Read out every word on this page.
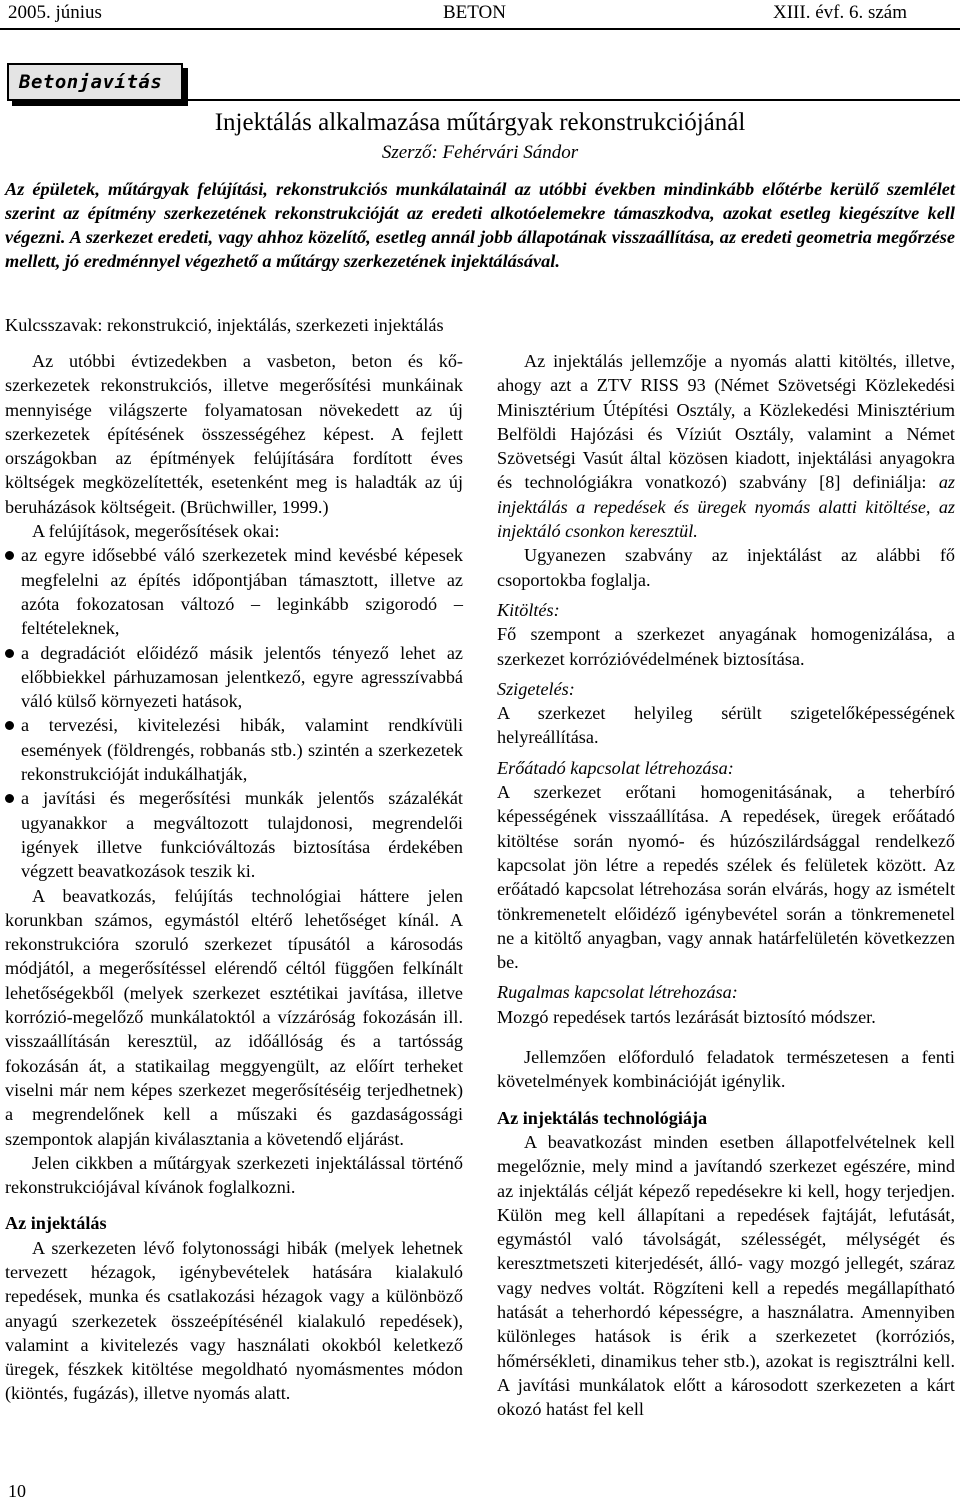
2005. június	BETON	XIII. évf. 6. szám
Betonjavítás
Injektálás alkalmazása műtárgyak rekonstrukciójánál
Szerző: Fehérvári Sándor

Az épületek, műtárgyak felújítási, rekonstrukciós munkálatainál az utóbbi években mindinkább előtérbe kerülő szemlélet szerint az építmény szerkezetének rekonstrukcióját az eredeti alkotóelemekre támaszkodva, azokat esetleg kiegészítve kell végezni. A szerkezet eredeti, vagy ahhoz közelítő, esetleg annál jobb állapotának visszaállítása, az eredeti geometria megőrzése mellett, jó eredménnyel végezhető a műtárgy szerkezetének injektálásával.

Kulcsszavak: rekonstrukció, injektálás, szerkezeti injektálás

Az utóbbi évtizedekben a vasbeton, beton és kő-szerkezetek rekonstrukciós, illetve megerősítési munkáinak mennyisége világszerte folyamatosan növekedett az új szerkezetek építésének összességéhez képest. A fejlett országokban az építmények felújítására fordított éves költségek megközelítették, esetenként meg is haladták az új beruházások költségeit. (Brüchwiller, 1999.)

A felújítások, megerősítések okai:

az egyre idősebbé váló szerkezetek mind kevésbé képesek megfelelni az építés időpontjában támasztott, illetve az azóta fokozatosan változó – leginkább szigorodó – feltételeknek,
a degradációt előidéző másik jelentős tényező lehet az előbbiekkel párhuzamosan jelentkező, egyre agresszívabbá váló külső környezeti hatások,
a tervezési, kivitelezési hibák, valamint rendkívüli események (földrengés, robbanás stb.) szintén a szerkezetek rekonstrukcióját indukálhatják,
a javítási és megerősítési munkák jelentős százalékát ugyanakkor a megváltozott tulajdonosi, megrendelői igények illetve funkcióváltozás biztosítása érdekében végzett beavatkozások teszik ki.

A beavatkozás, felújítás technológiai háttere jelen korunkban számos, egymástól eltérő lehetőséget kínál. A rekonstrukcióra szoruló szerkezet típusától a károsodás módjától, a megerősítéssel elérendő céltól függően felkínált lehetőségekből (melyek szerkezet esztétikai javítása, illetve korrózió-megelőző munkálatoktól a vízzáróság fokozásán ill. visszaállításán keresztül, az időállóság és a tartósság fokozásán át, a statikailag meggyengült, az előírt terheket viselni már nem képes szerkezet megerősítéséig terjedhetnek) a megrendelőnek kell a műszaki és gazdaságossági szempontok alapján kiválasztania a követendő eljárást.

Jelen cikkben a műtárgyak szerkezeti injektálással történő rekonstrukciójával kívánok foglalkozni.

Az injektálás

A szerkezeten lévő folytonossági hibák (melyek lehetnek tervezett hézagok, igénybevételek hatására kialakuló repedések, munka és csatlakozási hézagok vagy a különböző anyagú szerkezetek összeépítésénél kialakuló repedések), valamint a kivitelezés vagy használati okokból keletkező üregek, fészkek kitöltése megoldható nyomásmentes módon (kiöntés, fugázás), illetve nyomás alatt.

Az injektálás jellemzője a nyomás alatti kitöltés, illetve, ahogy azt a ZTV RISS 93 (Német Szövetségi Közlekedési Minisztérium Útépítési Osztály, a Közlekedési Minisztérium Belföldi Hajózási és Víziút Osztály, valamint a Német Szövetségi Vasút által közösen kiadott, injektálási anyagokra és technológiákra vonatkozó) szabvány [8] definiálja: az injektálás a repedések és üregek nyomás alatti kitöltése, az injektáló csonkon keresztül.

Ugyanezen szabvány az injektálást az alábbi fő csoportokba foglalja.

Kitöltés:

Fő szempont a szerkezet anyagának homogenizálása, a szerkezet korrózióvédelmének biztosítása.

Szigetelés:

A szerkezet helyileg sérült szigetelőképességének helyreállítása.

Erőátadó kapcsolat létrehozása:

A szerkezet erőtani homogenitásának, a teherbíró képességének visszaállítása. A repedések, üregek erőátadó kitöltése során nyomó- és húzószilárdsággal rendelkező kapcsolat jön létre a repedés szélek és felületek között. Az erőátadó kapcsolat létrehozása során elvárás, hogy az ismételt tönkremenetelt előidéző igénybevétel során a tönkremenetel ne a kitöltő anyagban, vagy annak határfelületén következzen be.

Rugalmas kapcsolat létrehozása:

Mozgó repedések tartós lezárását biztosító módszer.

Jellemzően előforduló feladatok természetesen a fenti követelmények kombinációját igénylik.

Az injektálás technológiája

A beavatkozást minden esetben állapotfelvételnek kell megelőznie, mely mind a javítandó szerkezet egészére, mind az injektálás célját képező repedésekre ki kell, hogy terjedjen. Külön meg kell állapítani a repedések fajtáját, lefutását, egymástól való távolságát, szélességét, mélységét és keresztmetszeti kiterjedését, álló- vagy mozgó jellegét, száraz vagy nedves voltát. Rögzíteni kell a repedés megállapítható hatását a teherhordó képességre, a használatra. Amennyiben különleges hatások is érik a szerkezetet (korróziós, hőmérsékleti, dinamikus teher stb.), azokat is regisztrálni kell. A javítási munkálatok előtt a károsodott szerkezeten a kárt okozó hatást fel kell

10
